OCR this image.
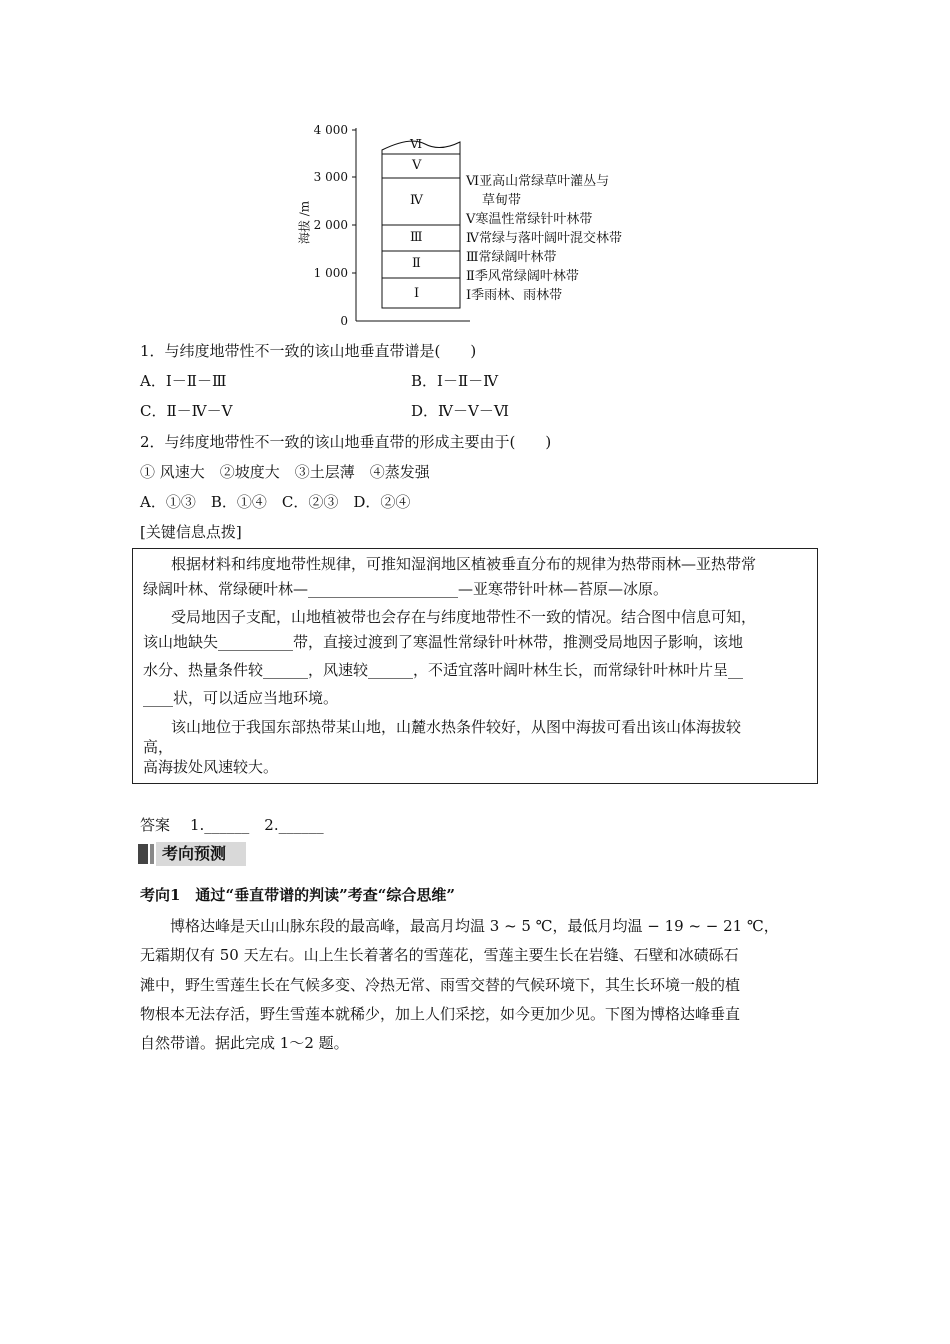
4 000
3 000
2 000
1 000
0
海拔 /m
Ⅵ
Ⅴ
Ⅳ
Ⅲ
Ⅱ
Ⅰ
Ⅵ亚高山常绿草叶灌丛与
草甸带
Ⅴ寒温性常绿针叶林带
Ⅳ常绿与落叶阔叶混交林带
Ⅲ常绿阔叶林带
Ⅱ季风常绿阔叶林带
Ⅰ季雨林、雨林带
1．与纬度地带性不一致的该山地垂直带谱是(　　)
A．Ⅰ－Ⅱ－Ⅲ	B．Ⅰ－Ⅱ－Ⅳ
C．Ⅱ－Ⅳ－Ⅴ	D．Ⅳ－Ⅴ－Ⅵ
2．与纬度地带性不一致的该山地垂直带的形成主要由于(　　)
① 风速大　②坡度大　③土层薄　④蒸发强
A．①③　B．①④　C．②③　D．②④
[关键信息点拨]

根据材料和纬度地带性规律，可推知湿润地区植被垂直分布的规律为热带雨林—亚热带常

绿阔叶林、常绿硬叶林—____________________—亚寒带针叶林—苔原—冰原。

受局地因子支配，山地植被带也会存在与纬度地带性不一致的情况。结合图中信息可知，

该山地缺失__________带，直接过渡到了寒温性常绿针叶林带，推测受局地因子影响，该地

水分、热量条件较______，风速较______，不适宜落叶阔叶林生长，而常绿针叶林叶片呈__

____状，可以适应当地环境。

该山地位于我国东部热带某山地，山麓水热条件较好，从图中海拔可看出该山体海拔较

高，

高海拔处风速较大。

答案 1.______　2.______
考向预测
考向1　通过“垂直带谱的判读”考查“综合思维”
博格达峰是天山山脉东段的最高峰，最高月均温 3 ~ 5 ℃，最低月均温 − 19 ~ − 21 ℃，
无霜期仅有 50 天左右。山上生长着著名的雪莲花，雪莲主要生长在岩缝、石壁和冰碛砾石
滩中，野生雪莲生长在气候多变、冷热无常、雨雪交替的气候环境下，其生长环境一般的植
物根本无法存活，野生雪莲本就稀少，加上人们采挖，如今更加少见。下图为博格达峰垂直
自然带谱。据此完成 1～2 题。
